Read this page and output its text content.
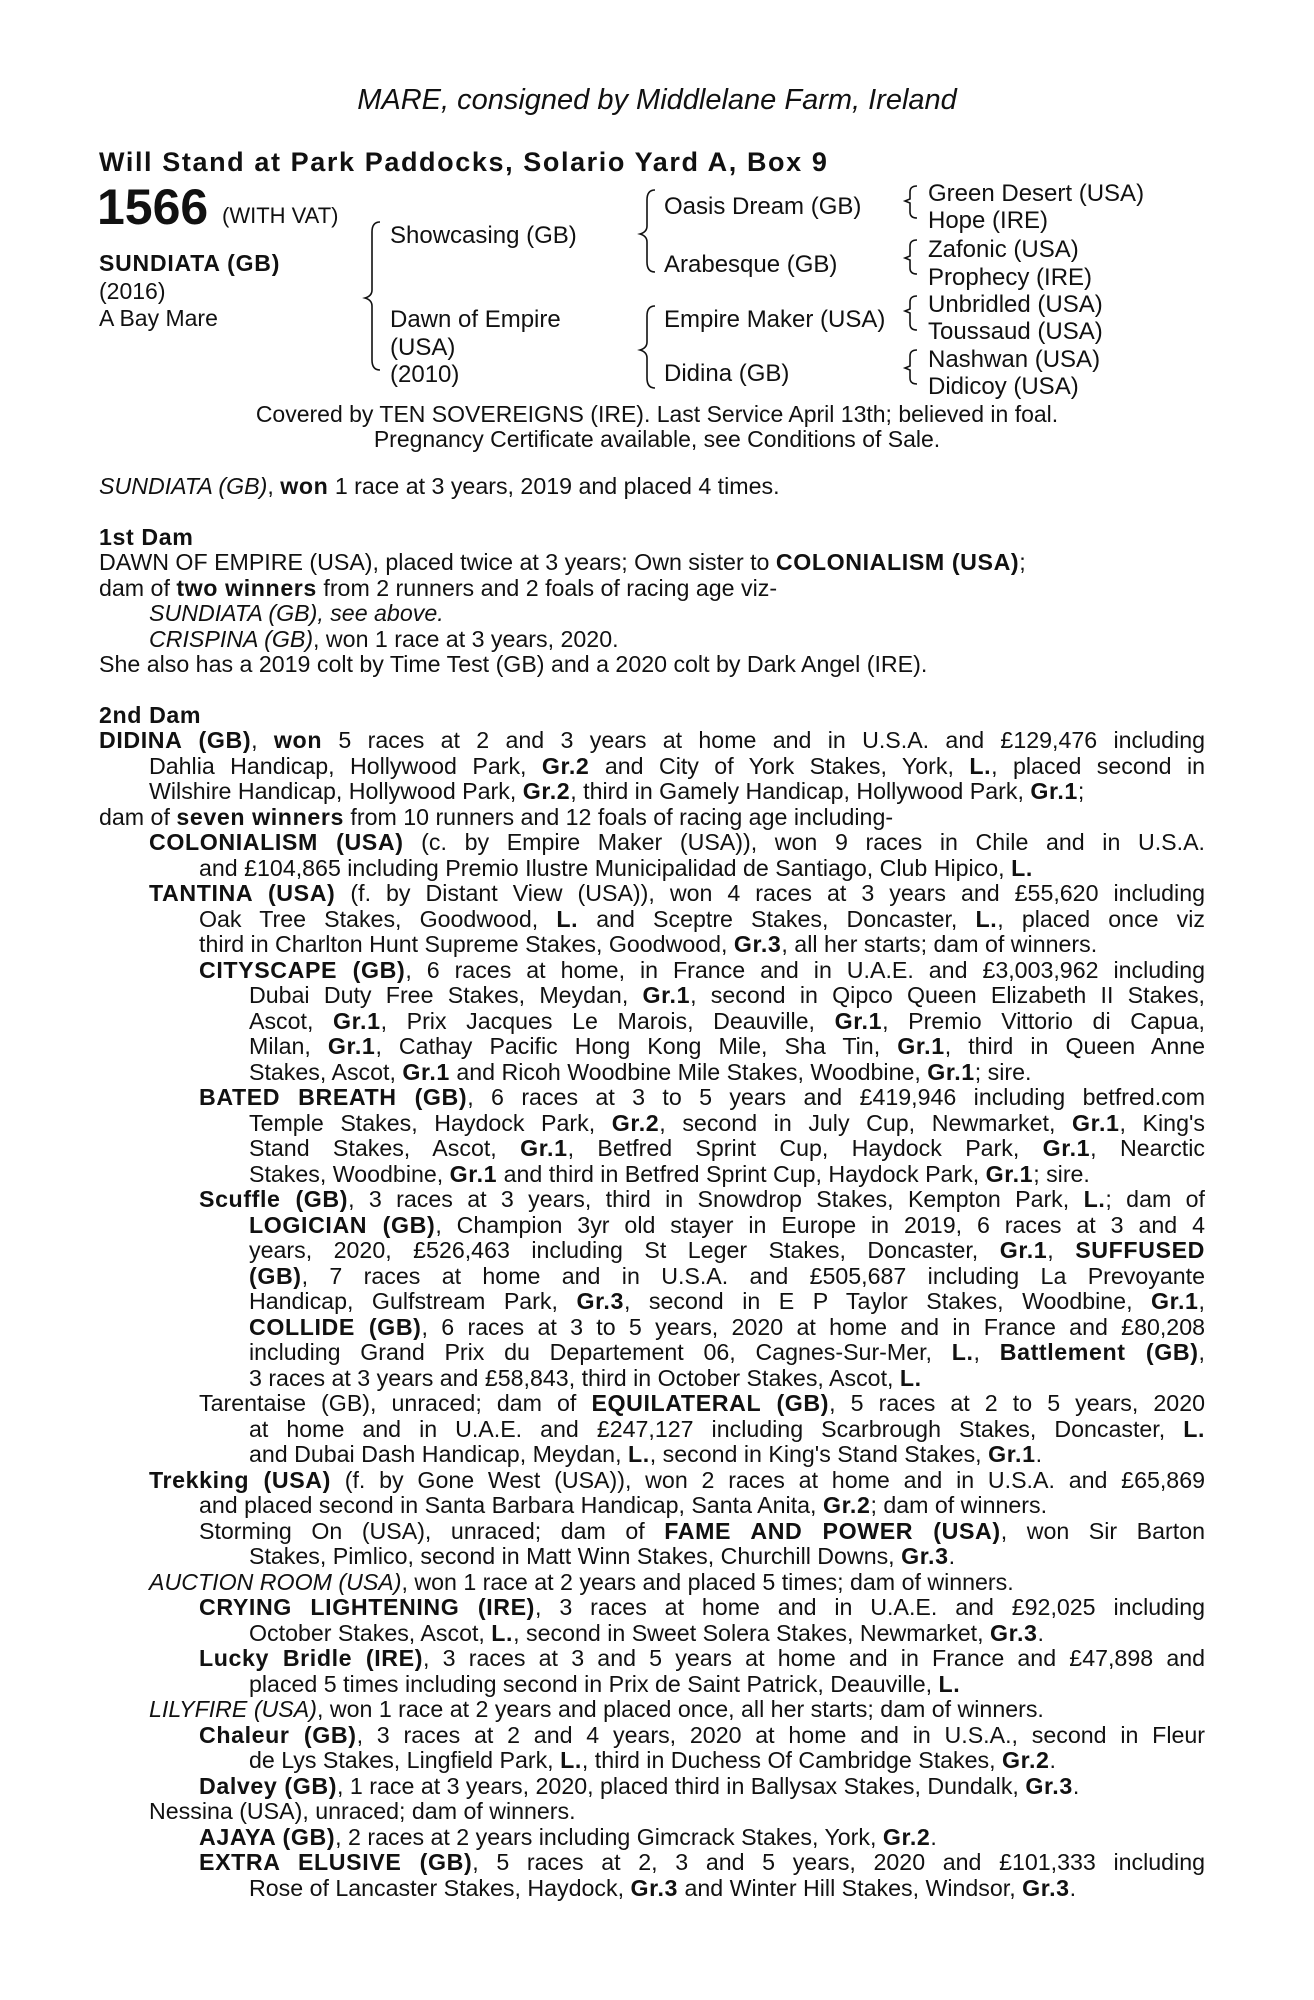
MARE, consigned by Middlelane Farm, Ireland
Will Stand at Park Paddocks, Solario Yard A, Box 9
1566 (WITH VAT)
SUNDIATA (GB)
(2016)
A Bay Mare
Showcasing (GB)
Dawn of Empire
(USA)
(2010)
Oasis Dream (GB)
Arabesque (GB)
Empire Maker (USA)
Didina (GB)
Green Desert (USA)
Hope (IRE)
Zafonic (USA)
Prophecy (IRE)
Unbridled (USA)
Toussaud (USA)
Nashwan (USA)
Didicoy (USA)
Covered by TEN SOVEREIGNS (IRE). Last Service April 13th; believed in foal.
Pregnancy Certificate available, see Conditions of Sale.
SUNDIATA (GB), won 1 race at 3 years, 2019 and placed 4 times.
1st Dam
DAWN OF EMPIRE (USA), placed twice at 3 years; Own sister to COLONIALISM (USA);
dam of two winners from 2 runners and 2 foals of racing age viz-
SUNDIATA (GB), see above.
CRISPINA (GB), won 1 race at 3 years, 2020.
She also has a 2019 colt by Time Test (GB) and a 2020 colt by Dark Angel (IRE).
2nd Dam
DIDINA (GB), won 5 races at 2 and 3 years at home and in U.S.A. and £129,476 including
Dahlia Handicap, Hollywood Park, Gr.2 and City of York Stakes, York, L., placed second in
Wilshire Handicap, Hollywood Park, Gr.2, third in Gamely Handicap, Hollywood Park, Gr.1;
dam of seven winners from 10 runners and 12 foals of racing age including-
COLONIALISM (USA) (c. by Empire Maker (USA)), won 9 races in Chile and in U.S.A.
and £104,865 including Premio Ilustre Municipalidad de Santiago, Club Hipico, L.
TANTINA (USA) (f. by Distant View (USA)), won 4 races at 3 years and £55,620 including
Oak Tree Stakes, Goodwood, L. and Sceptre Stakes, Doncaster, L., placed once viz
third in Charlton Hunt Supreme Stakes, Goodwood, Gr.3, all her starts; dam of winners.
CITYSCAPE (GB), 6 races at home, in France and in U.A.E. and £3,003,962 including
Dubai Duty Free Stakes, Meydan, Gr.1, second in Qipco Queen Elizabeth II Stakes,
Ascot, Gr.1, Prix Jacques Le Marois, Deauville, Gr.1, Premio Vittorio di Capua,
Milan, Gr.1, Cathay Pacific Hong Kong Mile, Sha Tin, Gr.1, third in Queen Anne
Stakes, Ascot, Gr.1 and Ricoh Woodbine Mile Stakes, Woodbine, Gr.1; sire.
BATED BREATH (GB), 6 races at 3 to 5 years and £419,946 including betfred.com
Temple Stakes, Haydock Park, Gr.2, second in July Cup, Newmarket, Gr.1, King's
Stand Stakes, Ascot, Gr.1, Betfred Sprint Cup, Haydock Park, Gr.1, Nearctic
Stakes, Woodbine, Gr.1 and third in Betfred Sprint Cup, Haydock Park, Gr.1; sire.
Scuffle (GB), 3 races at 3 years, third in Snowdrop Stakes, Kempton Park, L.; dam of
LOGICIAN (GB), Champion 3yr old stayer in Europe in 2019, 6 races at 3 and 4
years, 2020, £526,463 including St Leger Stakes, Doncaster, Gr.1, SUFFUSED
(GB), 7 races at home and in U.S.A. and £505,687 including La Prevoyante
Handicap, Gulfstream Park, Gr.3, second in E P Taylor Stakes, Woodbine, Gr.1,
COLLIDE (GB), 6 races at 3 to 5 years, 2020 at home and in France and £80,208
including Grand Prix du Departement 06, Cagnes-Sur-Mer, L., Battlement (GB),
3 races at 3 years and £58,843, third in October Stakes, Ascot, L.
Tarentaise (GB), unraced; dam of EQUILATERAL (GB), 5 races at 2 to 5 years, 2020
at home and in U.A.E. and £247,127 including Scarbrough Stakes, Doncaster, L.
and Dubai Dash Handicap, Meydan, L., second in King's Stand Stakes, Gr.1.
Trekking (USA) (f. by Gone West (USA)), won 2 races at home and in U.S.A. and £65,869
and placed second in Santa Barbara Handicap, Santa Anita, Gr.2; dam of winners.
Storming On (USA), unraced; dam of FAME AND POWER (USA), won Sir Barton
Stakes, Pimlico, second in Matt Winn Stakes, Churchill Downs, Gr.3.
AUCTION ROOM (USA), won 1 race at 2 years and placed 5 times; dam of winners.
CRYING LIGHTENING (IRE), 3 races at home and in U.A.E. and £92,025 including
October Stakes, Ascot, L., second in Sweet Solera Stakes, Newmarket, Gr.3.
Lucky Bridle (IRE), 3 races at 3 and 5 years at home and in France and £47,898 and
placed 5 times including second in Prix de Saint Patrick, Deauville, L.
LILYFIRE (USA), won 1 race at 2 years and placed once, all her starts; dam of winners.
Chaleur (GB), 3 races at 2 and 4 years, 2020 at home and in U.S.A., second in Fleur
de Lys Stakes, Lingfield Park, L., third in Duchess Of Cambridge Stakes, Gr.2.
Dalvey (GB), 1 race at 3 years, 2020, placed third in Ballysax Stakes, Dundalk, Gr.3.
Nessina (USA), unraced; dam of winners.
AJAYA (GB), 2 races at 2 years including Gimcrack Stakes, York, Gr.2.
EXTRA ELUSIVE (GB), 5 races at 2, 3 and 5 years, 2020 and £101,333 including
Rose of Lancaster Stakes, Haydock, Gr.3 and Winter Hill Stakes, Windsor, Gr.3.
